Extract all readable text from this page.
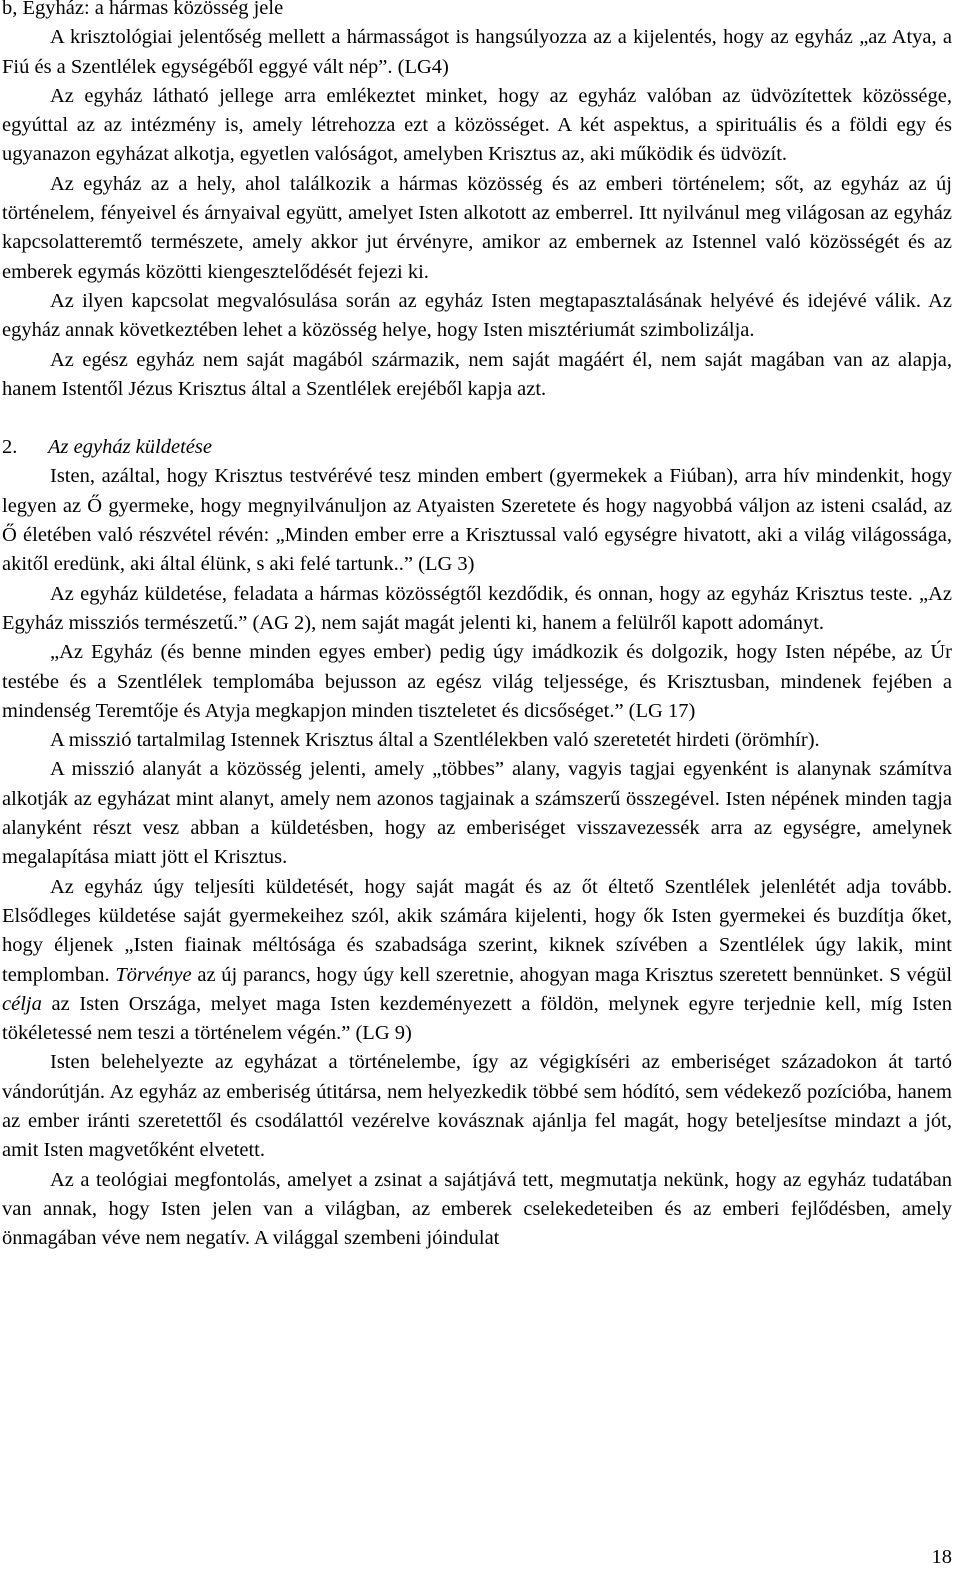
b, Egyház: a hármas közösség jele

A krisztológiai jelentőség mellett a hármasságot is hangsúlyozza az a kijelentés, hogy az egyház „az Atya, a Fiú és a Szentlélek egységéből eggyé vált nép”. (LG4)

Az egyház látható jellege arra emlékeztet minket, hogy az egyház valóban az üdvözítettek közössége, egyúttal az az intézmény is, amely létrehozza ezt a közösséget. A két aspektus, a spirituális és a földi egy és ugyanazon egyházat alkotja, egyetlen valóságot, amelyben Krisztus az, aki működik és üdvözít.

Az egyház az a hely, ahol találkozik a hármas közösség és az emberi történelem; sőt, az egyház az új történelem, fényeivel és árnyaival együtt, amelyet Isten alkotott az emberrel. Itt nyilvánul meg világosan az egyház kapcsolatteremtő természete, amely akkor jut érvényre, amikor az embernek az Istennel való közösségét és az emberek egymás közötti kiengesztelődését fejezi ki.

Az ilyen kapcsolat megvalósulása során az egyház Isten megtapasztalásának helyévé és idejévé válik. Az egyház annak következtében lehet a közösség helye, hogy Isten misztériumát szimbolizálja.

Az egész egyház nem saját magából származik, nem saját magáért él, nem saját magában van az alapja, hanem Istentől Jézus Krisztus által a Szentlélek erejéből kapja azt.

2. Az egyház küldetése

Isten, azáltal, hogy Krisztus testvérévé tesz minden embert (gyermekek a Fiúban), arra hív mindenkit, hogy legyen az Ő gyermeke, hogy megnyilvánuljon az Atyaisten Szeretete és hogy nagyobbá váljon az isteni család, az Ő életében való részvétel révén: „Minden ember erre a Krisztussal való egységre hivatott, aki a világ világossága, akitől eredünk, aki által élünk, s aki felé tartunk..” (LG 3)

Az egyház küldetése, feladata a hármas közösségtől kezdődik, és onnan, hogy az egyház Krisztus teste. „Az Egyház missziós természetű.” (AG 2), nem saját magát jelenti ki, hanem a felülről kapott adományt.

„Az Egyház (és benne minden egyes ember) pedig úgy imádkozik és dolgozik, hogy Isten népébe, az Úr testébe és a Szentlélek templomába bejusson az egész világ teljessége, és Krisztusban, mindenek fejében a mindenség Teremtője és Atyja megkapjon minden tiszteletet és dicsőséget.” (LG 17)

A misszió tartalmilag Istennek Krisztus által a Szentlélekben való szeretetét hirdeti (örömhír).

A misszió alanyát a közösség jelenti, amely „többes” alany, vagyis tagjai egyenként is alanynak számítva alkotják az egyházat mint alanyt, amely nem azonos tagjainak a számszerű összegével. Isten népének minden tagja alanyként részt vesz abban a küldetésben, hogy az emberiséget visszavezessék arra az egységre, amelynek megalapítása miatt jött el Krisztus.

Az egyház úgy teljesíti küldetését, hogy saját magát és az őt éltető Szentlélek jelenlétét adja tovább. Elsődleges küldetése saját gyermekeihez szól, akik számára kijelenti, hogy ők Isten gyermekei és buzdítja őket, hogy éljenek „Isten fiainak méltósága és szabadsága szerint, kiknek szívében a Szentlélek úgy lakik, mint templomban. Törvénye az új parancs, hogy úgy kell szeretnie, ahogyan maga Krisztus szeretett bennünket. S végül célja az Isten Országa, melyet maga Isten kezdeményezett a földön, melynek egyre terjednie kell, míg Isten tökéletessé nem teszi a történelem végén.” (LG 9)

Isten belehelyezte az egyházat a történelembe, így az végigkíséri az emberiséget századokon át tartó vándorútján. Az egyház az emberiség útitársa, nem helyezkedik többé sem hódító, sem védekező pozícióba, hanem az ember iránti szeretettől és csodálattól vezérelve kovásznak ajánlja fel magát, hogy beteljesítse mindazt a jót, amit Isten magvetőként elvetett.

Az a teológiai megfontolás, amelyet a zsinat a sajátjává tett, megmutatja nekünk, hogy az egyház tudatában van annak, hogy Isten jelen van a világban, az emberek cselekedeteiben és az emberi fejlődésben, amely önmagában véve nem negatív. A világgal szembeni jóindulat

18
